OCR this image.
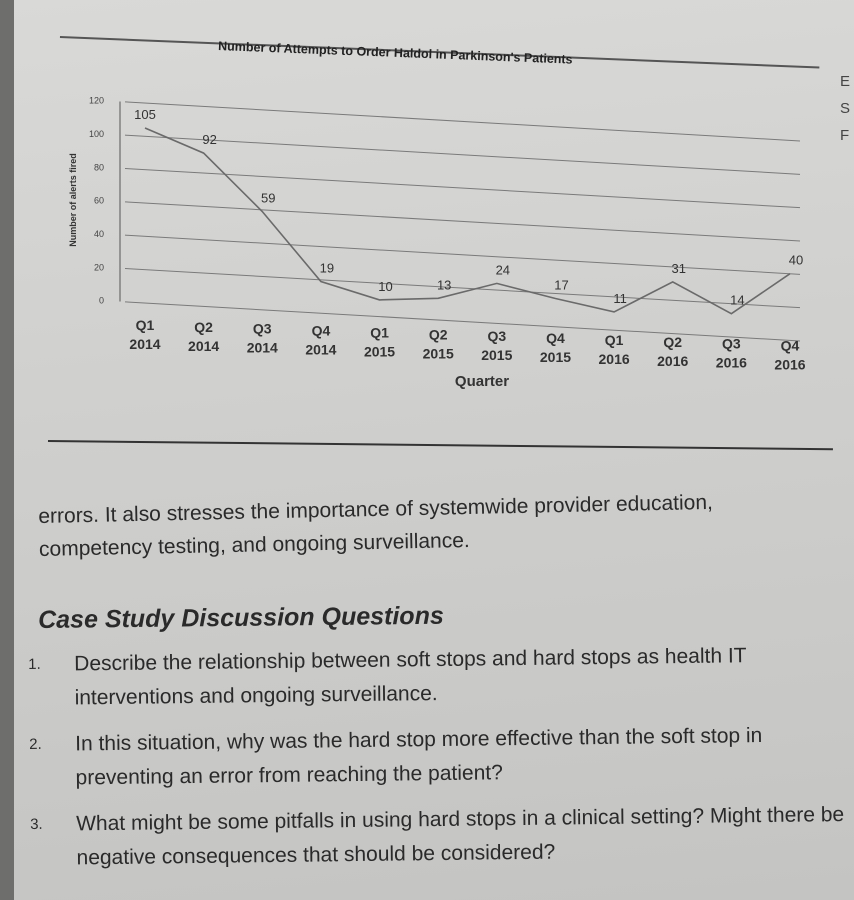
Number of Attempts to Order Haldol in Parkinson's Patients
Number of alerts fired
0
20
40
60
80
100
120
105
92
59
19
10	13
24
17
11
31
14
40
Q1 2014
Q2 2014
Q3 2014
Q4 2014
Q1 2015
Q2 2015
Q3 2015
Q4 2015
Q1 2016
Q2 2016
Q3 2016
Q4 2016
Quarter
E
S
F
errors. It also stresses the importance of systemwide provider education,
competency testing, and ongoing surveillance.
Case Study Discussion Questions
1. Describe the relationship between soft stops and hard stops as health IT interventions and ongoing surveillance.
2. In this situation, why was the hard stop more effective than the soft stop in preventing an error from reaching the patient?
3. What might be some pitfalls in using hard stops in a clinical setting? Might there be negative consequences that should be considered?
